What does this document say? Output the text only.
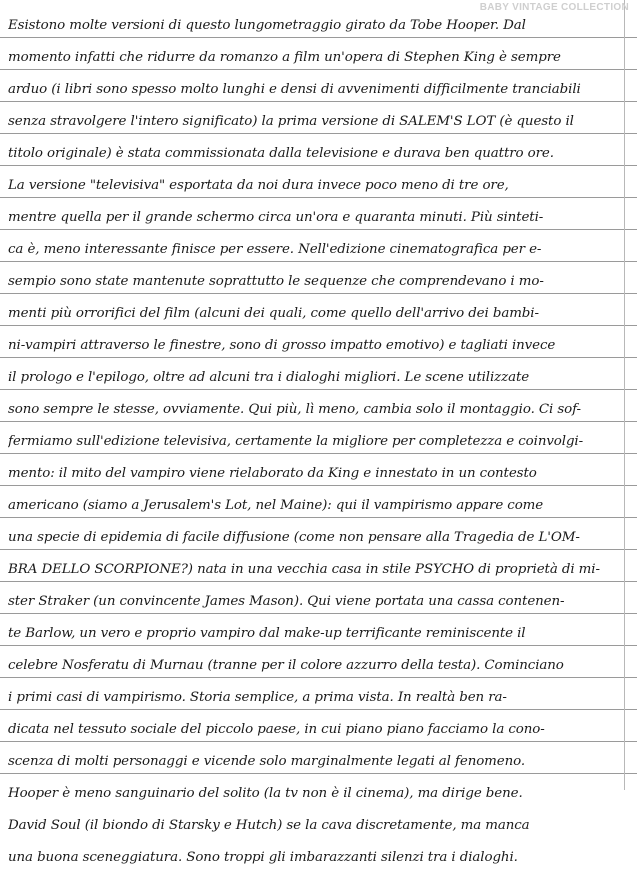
BABY VINTAGE COLLECTION
Esistono molte versioni di questo lungometraggio girato da Tobe Hooper. Dal
momento infatti che ridurre da romanzo a film un'opera di Stephen King è sempre
arduo (i libri sono spesso molto lunghi e densi di avvenimenti difficilmente tranciabili
senza stravolgere l'intero significato) la prima versione di SALEM'S LOT (è questo il
titolo originale) è stata commissionata dalla televisione e durava ben quattro ore.
La versione "televisiva" esportata da noi dura invece poco meno di tre ore,
mentre quella per il grande schermo circa un'ora e quaranta minuti. Più sinteti-
ca è, meno interessante finisce per essere. Nell'edizione cinematografica per e-
sempio sono state mantenute soprattutto le sequenze che comprendevano i mo-
menti più orrorifici del film (alcuni dei quali, come quello dell'arrivo dei bambi-
ni-vampiri attraverso le finestre, sono di grosso impatto emotivo) e tagliati invece
il prologo e l'epilogo, oltre ad alcuni tra i dialoghi migliori. Le scene utilizzate
sono sempre le stesse, ovviamente. Qui più, lì meno, cambia solo il montaggio. Ci sof-
fermiamo sull'edizione televisiva, certamente la migliore per completezza e coinvolgi-
mento: il mito del vampiro viene rielaborato da King e innestato in un contesto
americano (siamo a Jerusalem's Lot, nel Maine): qui il vampirismo appare come
una specie di epidemia di facile diffusione (come non pensare alla Tragedia de L'OM-
BRA DELLO SCORPIONE?) nata in una vecchia casa in stile PSYCHO di proprietà di mi-
ster Straker (un convincente James Mason). Qui viene portata una cassa contenen-
te Barlow, un vero e proprio vampiro dal make-up terrificante reminiscente il
celebre Nosferatu di Murnau (tranne per il colore azzurro della testa). Cominciano
i primi casi di vampirismo. Storia semplice, a prima vista. In realtà ben ra-
dicata nel tessuto sociale del piccolo paese, in cui piano piano facciamo la cono-
scenza di molti personaggi e vicende solo marginalmente legati al fenomeno.
Hooper è meno sanguinario del solito (la tv non è il cinema), ma dirige bene.
David Soul (il biondo di Starsky e Hutch) se la cava discretamente, ma manca
una buona sceneggiatura. Sono troppi gli imbarazzanti silenzi tra i dialoghi.
